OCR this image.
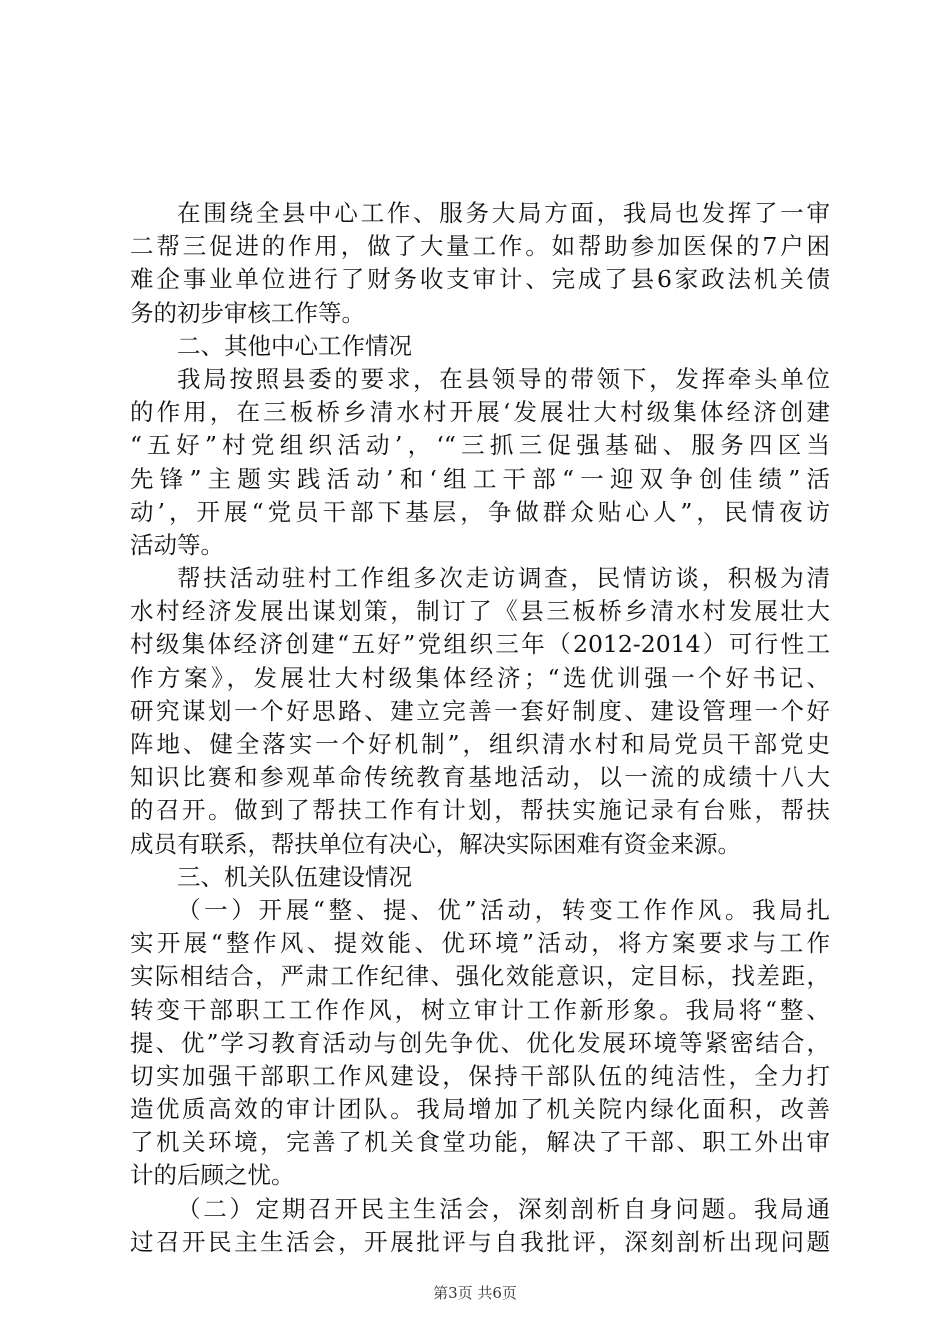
在围绕全县中心工作、服务大局方面，我局也发挥了一审
二帮三促进的作用，做了大量工作。如帮助参加医保的7户困
难企事业单位进行了财务收支审计、完成了县6家政法机关债
务的初步审核工作等。
二、其他中心工作情况
我局按照县委的要求，在县领导的带领下，发挥牵头单位
的作用，在三板桥乡清水村开展‘发展壮大村级集体经济创建
“五好”村党组织活动’，‘“三抓三促强基础、服务四区当
先锋”主题实践活动’和‘组工干部“一迎双争创佳绩”活
动’，开展“党员干部下基层，争做群众贴心人”，民情夜访
活动等。
帮扶活动驻村工作组多次走访调查，民情访谈，积极为清
水村经济发展出谋划策，制订了《县三板桥乡清水村发展壮大
村级集体经济创建“五好”党组织三年（2012-2014）可行性工
作方案》，发展壮大村级集体经济；“选优训强一个好书记、
研究谋划一个好思路、建立完善一套好制度、建设管理一个好
阵地、健全落实一个好机制”，组织清水村和局党员干部党史
知识比赛和参观革命传统教育基地活动，以一流的成绩十八大
的召开。做到了帮扶工作有计划，帮扶实施记录有台账，帮扶
成员有联系，帮扶单位有决心，解决实际困难有资金来源。
三、机关队伍建设情况
（一）开展“整、提、优”活动，转变工作作风。我局扎
实开展“整作风、提效能、优环境”活动，将方案要求与工作
实际相结合，严肃工作纪律、强化效能意识，定目标，找差距，
转变干部职工工作作风，树立审计工作新形象。我局将“整、
提、优”学习教育活动与创先争优、优化发展环境等紧密结合，
切实加强干部职工作风建设，保持干部队伍的纯洁性，全力打
造优质高效的审计团队。我局增加了机关院内绿化面积，改善
了机关环境，完善了机关食堂功能，解决了干部、职工外出审
计的后顾之忧。
（二）定期召开民主生活会，深刻剖析自身问题。我局通
过召开民主生活会，开展批评与自我批评，深刻剖析出现问题
第3页 共6页
